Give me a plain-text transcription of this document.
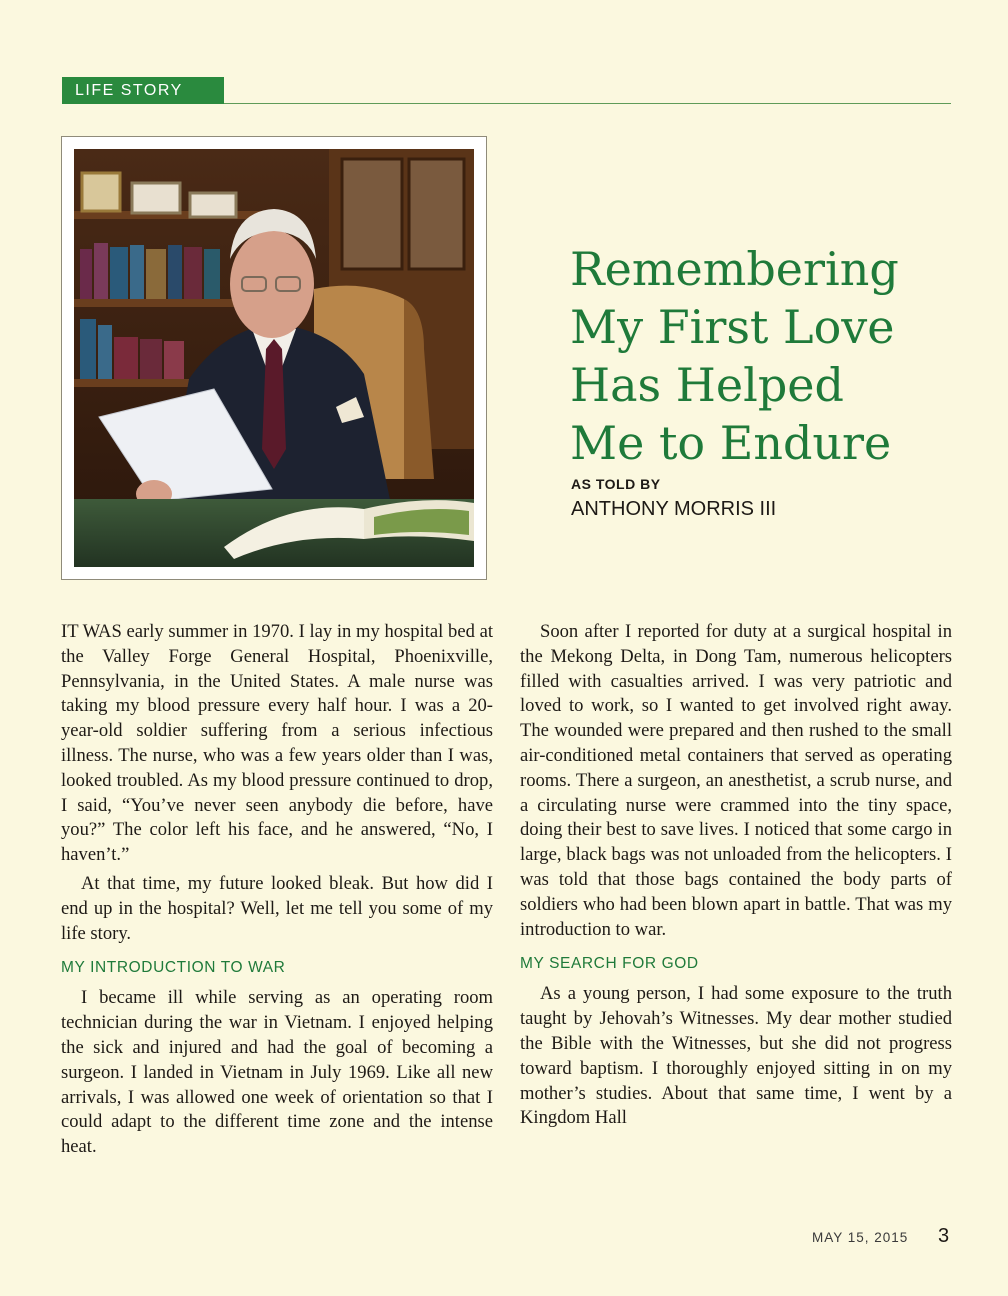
LIFE STORY
Remembering
My First Love
Has Helped
Me to Endure
AS TOLD BY
ANTHONY MORRIS III

IT WAS early summer in 1970. I lay in my hospital bed at the Valley Forge General Hospital, Phoenixville, Pennsylvania, in the United States. A male nurse was taking my blood pressure every half hour. I was a 20-year-old soldier suffering from a serious infectious illness. The nurse, who was a few years older than I was, looked troubled. As my blood pressure continued to drop, I said, “You’ve never seen anybody die before, have you?” The color left his face, and he answered, “No, I haven’t.”

At that time, my future looked bleak. But how did I end up in the hospital? Well, let me tell you some of my life story.

MY INTRODUCTION TO WAR

I became ill while serving as an operating room technician during the war in Vietnam. I enjoyed helping the sick and injured and had the goal of becoming a surgeon. I landed in Vietnam in July 1969. Like all new arrivals, I was allowed one week of orientation so that I could adapt to the different time zone and the intense heat.

Soon after I reported for duty at a surgical hospital in the Mekong Delta, in Dong Tam, numerous helicopters filled with casualties arrived. I was very patriotic and loved to work, so I wanted to get involved right away. The wounded were prepared and then rushed to the small air-conditioned metal containers that served as operating rooms. There a surgeon, an anesthetist, a scrub nurse, and a circulating nurse were crammed into the tiny space, doing their best to save lives. I noticed that some cargo in large, black bags was not unloaded from the helicopters. I was told that those bags contained the body parts of soldiers who had been blown apart in battle. That was my introduction to war.

MY SEARCH FOR GOD

As a young person, I had some exposure to the truth taught by Jehovah’s Witnesses. My dear mother studied the Bible with the Witnesses, but she did not progress toward baptism. I thoroughly enjoyed sitting in on my mother’s studies. About that same time, I went by a Kingdom Hall

MAY 15, 2015 3
